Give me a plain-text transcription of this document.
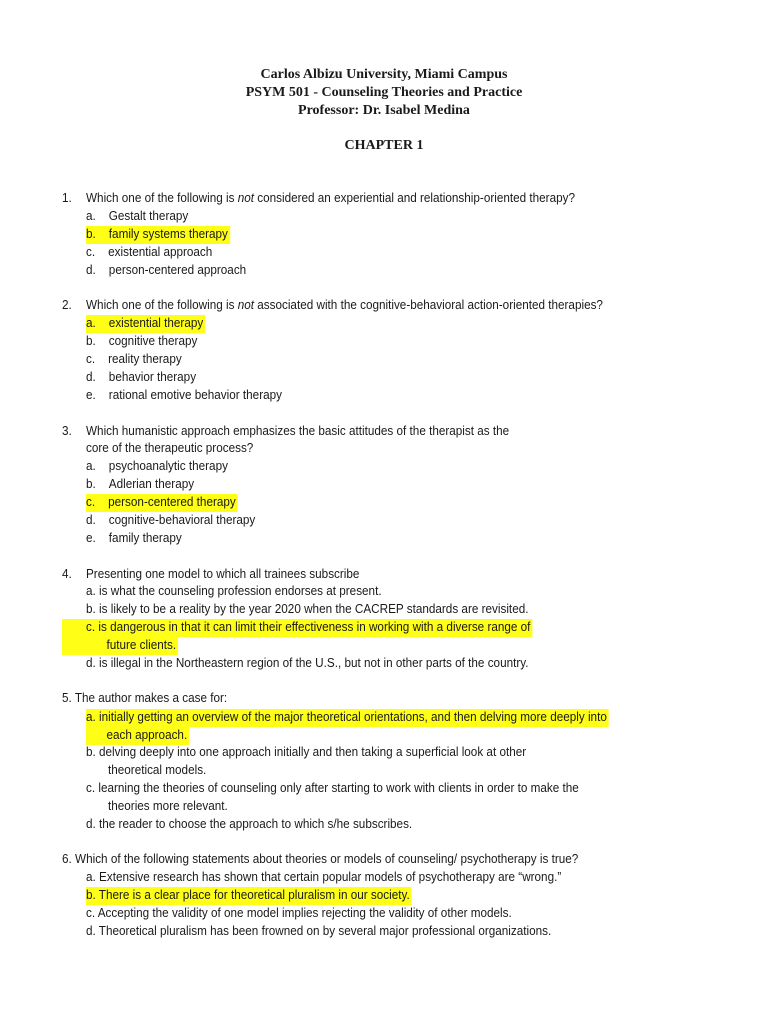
Carlos Albizu University, Miami Campus
PSYM 501 - Counseling Theories and Practice
Professor: Dr. Isabel Medina
CHAPTER 1
1. Which one of the following is not considered an experiential and relationship-oriented therapy?
a. Gestalt therapy
b. family systems therapy
c. existential approach
d. person-centered approach
2. Which one of the following is not associated with the cognitive-behavioral action-oriented therapies?
a. existential therapy
b. cognitive therapy
c. reality therapy
d. behavior therapy
e. rational emotive behavior therapy
3. Which humanistic approach emphasizes the basic attitudes of the therapist as the
core of the therapeutic process?
a. psychoanalytic therapy
b. Adlerian therapy
c. person-centered therapy
d. cognitive-behavioral therapy
e. family therapy
4. Presenting one model to which all trainees subscribe
a. is what the counseling profession endorses at present.
b. is likely to be a reality by the year 2020 when the CACREP standards are revisited.
c. is dangerous in that it can limit their effectiveness in working with a diverse range of
future clients.
d. is illegal in the Northeastern region of the U.S., but not in other parts of the country.
5. The author makes a case for:
a. initially getting an overview of the major theoretical orientations, and then delving more deeply into
each approach.
b. delving deeply into one approach initially and then taking a superficial look at other
theoretical models.
c. learning the theories of counseling only after starting to work with clients in order to make the
theories more relevant.
d. the reader to choose the approach to which s/he subscribes.
6. Which of the following statements about theories or models of counseling/ psychotherapy is true?
a. Extensive research has shown that certain popular models of psychotherapy are “wrong.”
b. There is a clear place for theoretical pluralism in our society.
c. Accepting the validity of one model implies rejecting the validity of other models.
d. Theoretical pluralism has been frowned on by several major professional organizations.
